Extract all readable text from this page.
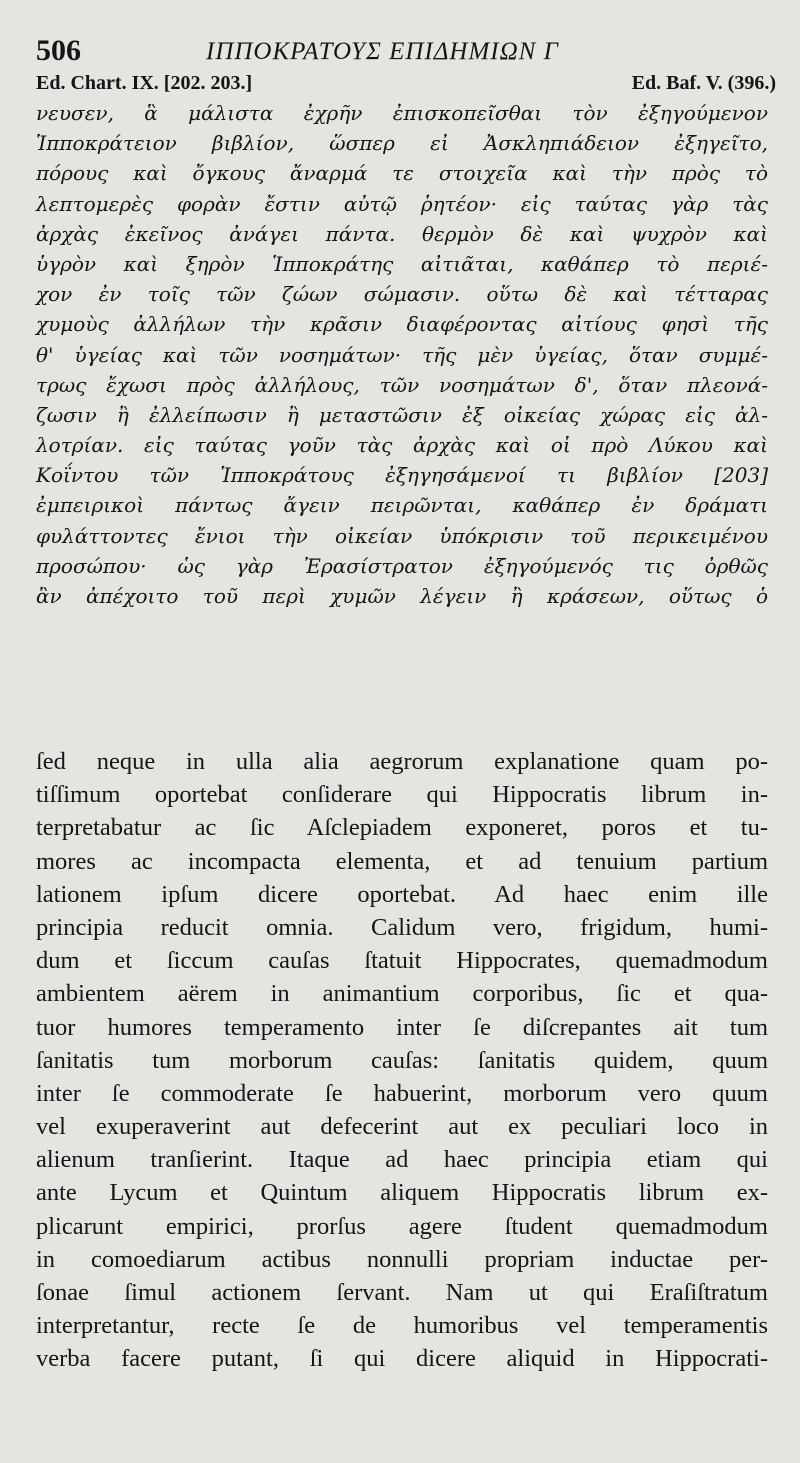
506	ΙΠΠΟΚΡΑΤΟΥΣ ΕΠΙΔΗΜΙΩΝ Γ
Ed. Chart. IX. [202. 203.]	Ed. Baf. V. (396.)
νευσεν, ἃ μάλιστα ἐχρῆν ἐπισκοπεῖσθαι τὸν ἐξηγούμενον
Ἱπποκράτειον βιβλίον, ὥσπερ εἰ Ἀσκληπιάδειον ἐξηγεῖτο,
πόρους καὶ ὄγκους ἄναρμά τε στοιχεῖα καὶ τὴν πρὸς τὸ
λεπτομερὲς φορὰν ἔστιν αὐτῷ ῥητέον· εἰς ταύτας γὰρ τὰς
ἀρχὰς ἐκεῖνος ἀνάγει πάντα. θερμὸν δὲ καὶ ψυχρὸν καὶ
ὑγρὸν καὶ ξηρὸν Ἱπποκράτης αἰτιᾶται, καθάπερ τὸ περιέ-
χον ἐν τοῖς τῶν ζώων σώμασιν. οὕτω δὲ καὶ τέτταρας
χυμοὺς ἀλλήλων τὴν κρᾶσιν διαφέροντας αἰτίους φησὶ τῆς
θ' ὑγείας καὶ τῶν νοσημάτων· τῆς μὲν ὑγείας, ὅταν συμμέ-
τρως ἔχωσι πρὸς ἀλλήλους, τῶν νοσημάτων δ', ὅταν πλεονά-
ζωσιν ἢ ἐλλείπωσιν ἢ μεταστῶσιν ἐξ οἰκείας χώρας εἰς ἀλ-
λοτρίαν. εἰς ταύτας γοῦν τὰς ἀρχὰς καὶ οἱ πρὸ Λύκου καὶ
Κοΐντου τῶν Ἱπποκράτους ἐξηγησάμενοί τι βιβλίον [203]
ἐμπειρικοὶ πάντως ἄγειν πειρῶνται, καθάπερ ἐν δράματι
φυλάττοντες ἔνιοι τὴν οἰκείαν ὑπόκρισιν τοῦ περικειμένου
προσώπου· ὡς γὰρ Ἐρασίστρατον ἐξηγούμενός τις ὀρθῶς
ἂν ἀπέχοιτο τοῦ περὶ χυμῶν λέγειν ἢ κράσεων, οὕτως ὁ
ſed neque in ulla alia aegrorum explanatione quam po-
tiſſimum oportebat conſiderare qui Hippocratis librum in-
terpretabatur ac ſic Aſclepiadem exponeret, poros et tu-
mores ac incompacta elementa, et ad tenuium partium
lationem ipſum dicere oportebat. Ad haec enim ille
principia reducit omnia. Calidum vero, frigidum, humi-
dum et ſiccum cauſas ſtatuit Hippocrates, quemadmodum
ambientem aërem in animantium corporibus, ſic et qua-
tuor humores temperamento inter ſe diſcrepantes ait tum
ſanitatis tum morborum cauſas: ſanitatis quidem, quum
inter ſe commoderate ſe habuerint, morborum vero quum
vel exuperaverint aut defecerint aut ex peculiari loco in
alienum tranſierint. Itaque ad haec principia etiam qui
ante Lycum et Quintum aliquem Hippocratis librum ex-
plicarunt empirici, prorſus agere ſtudent quemadmodum
in comoediarum actibus nonnulli propriam inductae per-
ſonae ſimul actionem ſervant. Nam ut qui Eraſiſtratum
interpretantur, recte ſe de humoribus vel temperamentis
verba facere putant, ſi qui dicere aliquid in Hippocrati-
